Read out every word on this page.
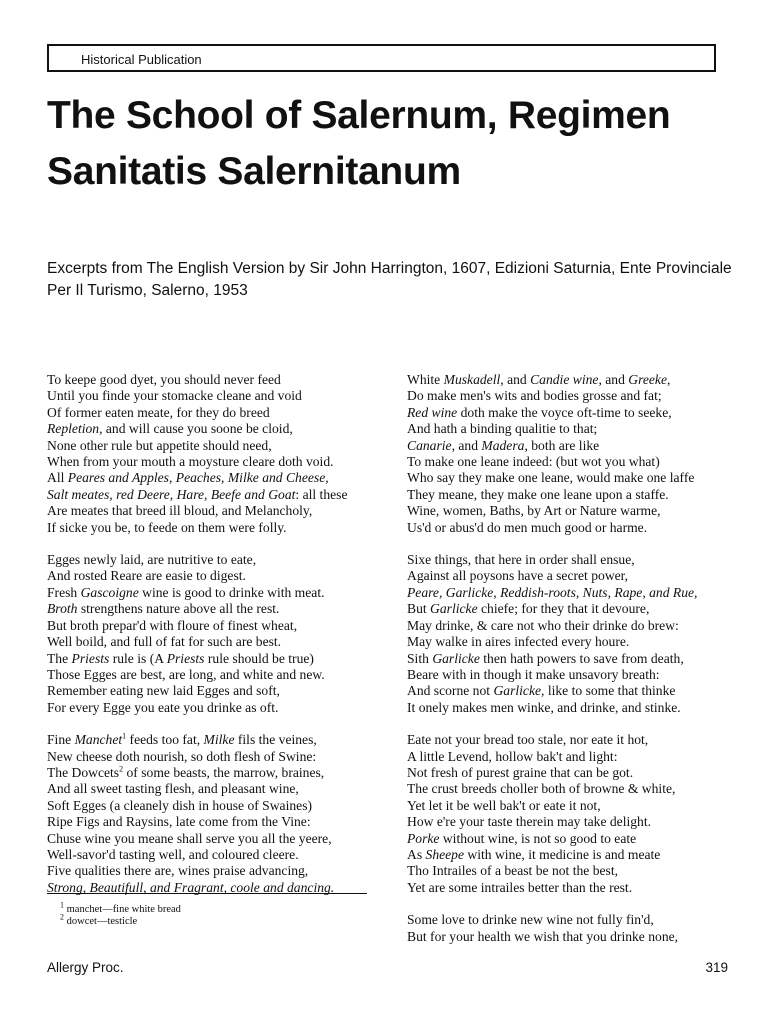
Historical Publication
The School of Salernum, Regimen Sanitatis Salernitanum
Excerpts from The English Version by Sir John Harrington, 1607, Edizioni Saturnia, Ente Provinciale Per Il Turismo, Salerno, 1953
To keepe good dyet, you should never feed
Until you finde your stomacke cleane and void
Of former eaten meate, for they do breed
Repletion, and will cause you soone be cloid,
None other rule but appetite should need,
When from your mouth a moysture cleare doth void.
All Peares and Apples, Peaches, Milke and Cheese,
Salt meates, red Deere, Hare, Beefe and Goat: all these
Are meates that breed ill bloud, and Melancholy,
If sicke you be, to feede on them were folly.
Egges newly laid, are nutritive to eate,
And rosted Reare are easie to digest.
Fresh Gascoigne wine is good to drinke with meat.
Broth strengthens nature above all the rest.
But broth prepar'd with floure of finest wheat,
Well boild, and full of fat for such are best.
The Priests rule is (A Priests rule should be true)
Those Egges are best, are long, and white and new.
Remember eating new laid Egges and soft,
For every Egge you eate you drinke as oft.
Fine Manchet$^1$ feeds too fat, Milke fils the veines,
New cheese doth nourish, so doth flesh of Swine:
The Dowcets$^2$ of some beasts, the marrow, braines,
And all sweet tasting flesh, and pleasant wine,
Soft Egges (a cleanely dish in house of Swaines)
Ripe Figs and Raysins, late come from the Vine:
Chuse wine you meane shall serve you all the yeere,
Well-savor'd tasting well, and coloured cleere.
Five qualities there are, wines praise advancing,
Strong, Beautifull, and Fragrant, coole and dancing.
White Muskadell, and Candie wine, and Greeke,
Do make men's wits and bodies grosse and fat;
Red wine doth make the voyce oft-time to seeke,
And hath a binding qualitie to that;
Canarie, and Madera, both are like
To make one leane indeed: (but wot you what)
Who say they make one leane, would make one laffe
They meane, they make one leane upon a staffe.
Wine, women, Baths, by Art or Nature warme,
Us'd or abus'd do men much good or harme.
Sixe things, that here in order shall ensue,
Against all poysons have a secret power,
Peare, Garlicke, Reddish-roots, Nuts, Rape, and Rue,
But Garlicke chiefe; for they that it devoure,
May drinke, & care not who their drinke do brew:
May walke in aires infected every houre.
Sith Garlicke then hath powers to save from death,
Beare with in though it make unsavory breath:
And scorne not Garlicke, like to some that thinke
It onely makes men winke, and drinke, and stinke.
Eate not your bread too stale, nor eate it hot,
A little Levend, hollow bak't and light:
Not fresh of purest graine that can be got.
The crust breeds choller both of browne & white,
Yet let it be well bak't or eate it not,
How e're your taste therein may take delight.
Porke without wine, is not so good to eate
As Sheepe with wine, it medicine is and meate
Tho Intrailes of a beast be not the best,
Yet are some intrailes better than the rest.
Some love to drinke new wine not fully fin'd,
But for your health we wish that you drinke none,
$^1$ manchet—fine white bread
$^2$ dowcet—testicle
Allergy Proc.	319
